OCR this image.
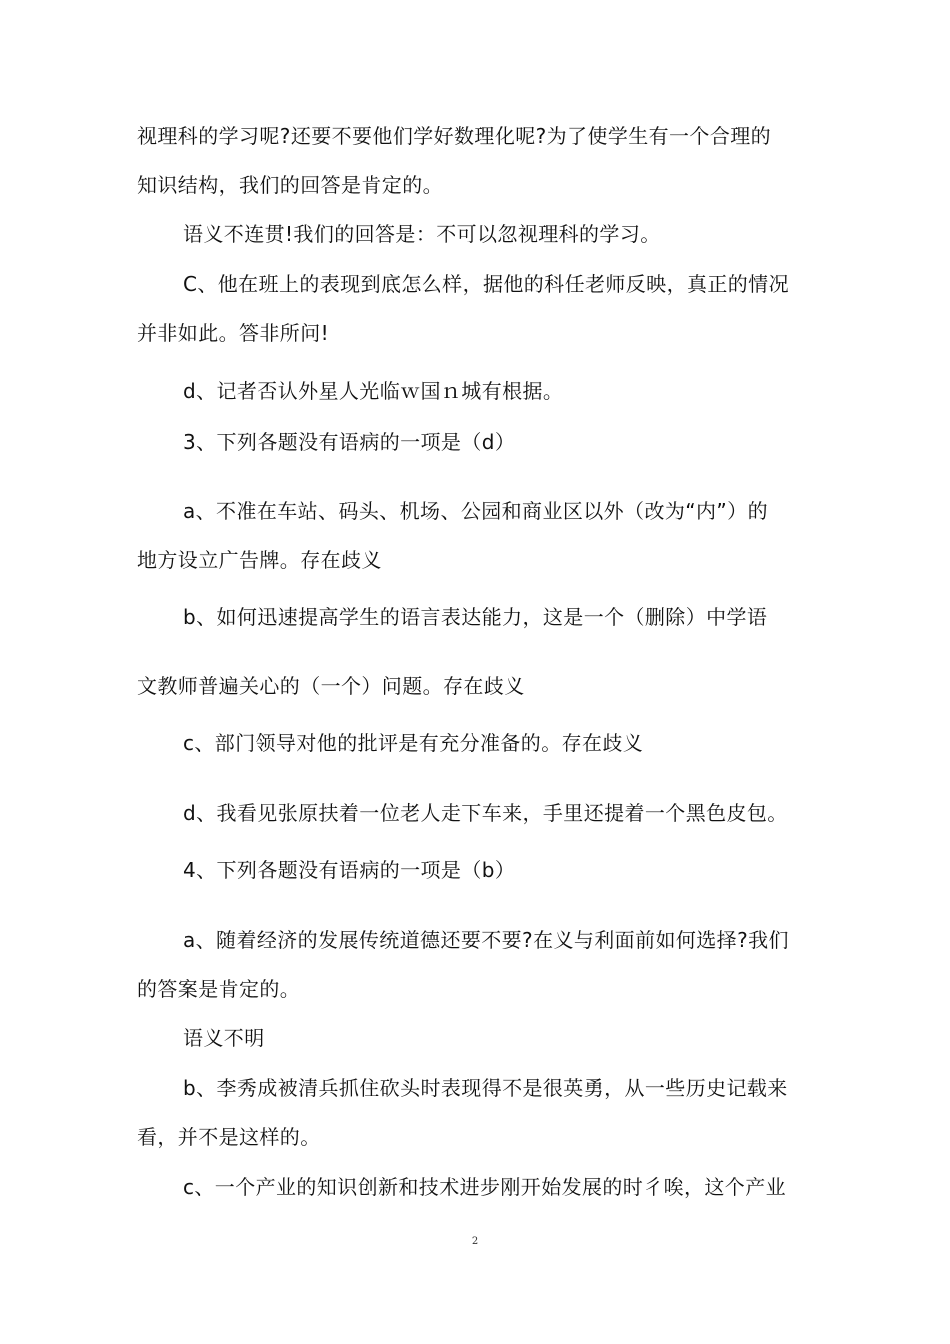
视理科的学习呢?还要不要他们学好数理化呢?为了使学生有一个合理的
知识结构，我们的回答是肯定的。
语义不连贯!我们的回答是：不可以忽视理科的学习。
C、他在班上的表现到底怎么样，据他的科任老师反映，真正的情况
并非如此。答非所问!
d、记者否认外星人光临ｗ国ｎ城有根据。
3、下列各题没有语病的一项是（d）
a、不准在车站、码头、机场、公园和商业区以外（改为“内”）的
地方设立广告牌。存在歧义
b、如何迅速提高学生的语言表达能力，这是一个（删除）中学语
文教师普遍关心的（一个）问题。存在歧义
c、部门领导对他的批评是有充分准备的。存在歧义
d、我看见张原扶着一位老人走下车来，手里还提着一个黑色皮包。
4、下列各题没有语病的一项是（b）
a、随着经济的发展传统道德还要不要?在义与利面前如何选择?我们
的答案是肯定的。
语义不明
b、李秀成被清兵抓住砍头时表现得不是很英勇，从一些历史记载来
看，并不是这样的。
c、一个产业的知识创新和技术进步刚开始发展的时彳唉，这个产业
2
